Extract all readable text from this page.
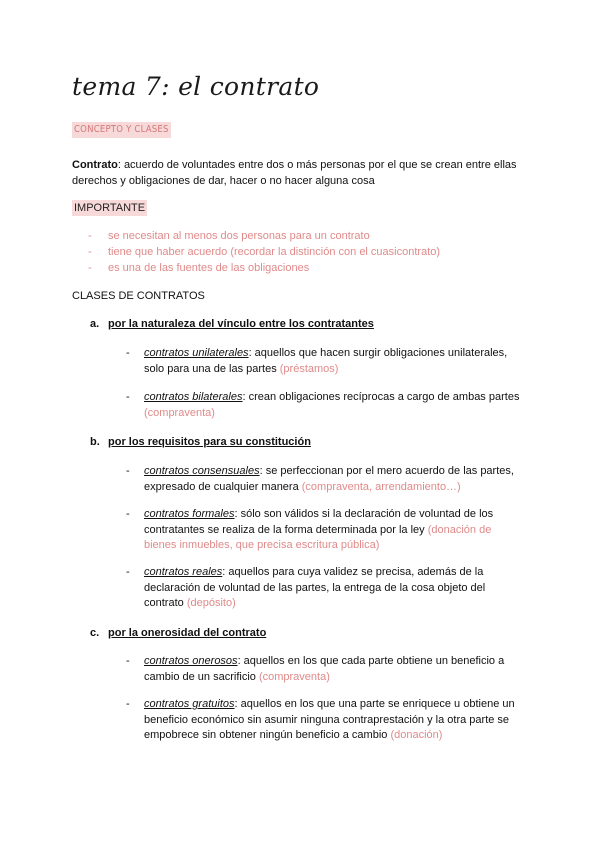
tema 7: el contrato
CONCEPTO Y CLASES

Contrato: acuerdo de voluntades entre dos o más personas por el que se crean entre ellas derechos y obligaciones de dar, hacer o no hacer alguna cosa

IMPORTANTE
- se necesitan al menos dos personas para un contrato
- tiene que haber acuerdo (recordar la distinción con el cuasicontrato)
- es una de las fuentes de las obligaciones
CLASES DE CONTRATOS
a. por la naturaleza del vínculo entre los contratantes
- contratos unilaterales: aquellos que hacen surgir obligaciones unilaterales, solo para una de las partes (préstamos)
- contratos bilaterales: crean obligaciones recíprocas a cargo de ambas partes (compraventa)
b. por los requisitos para su constitución
- contratos consensuales: se perfeccionan por el mero acuerdo de las partes, expresado de cualquier manera (compraventa, arrendamiento…)
- contratos formales: sólo son válidos si la declaración de voluntad de los contratantes se realiza de la forma determinada por la ley (donación de bienes inmuebles, que precisa escritura pública)
- contratos reales: aquellos para cuya validez se precisa, además de la declaración de voluntad de las partes, la entrega de la cosa objeto del contrato (depósito)
c. por la onerosidad del contrato
- contratos onerosos: aquellos en los que cada parte obtiene un beneficio a cambio de un sacrificio (compraventa)
- contratos gratuitos: aquellos en los que una parte se enriquece u obtiene un beneficio económico sin asumir ninguna contraprestación y la otra parte se empobrece sin obtener ningún beneficio a cambio (donación)
